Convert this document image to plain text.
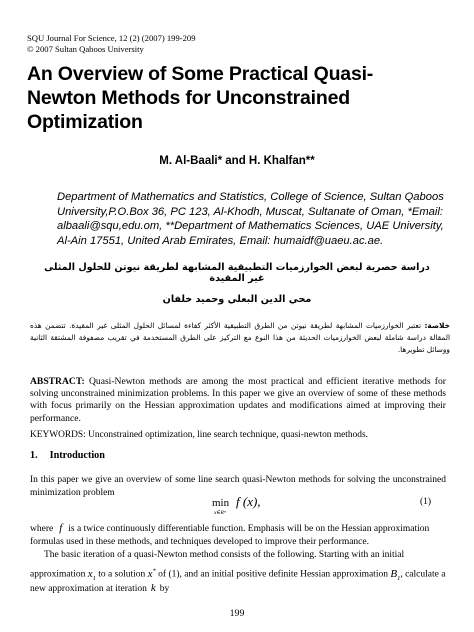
SQU Journal For Science, 12 (2) (2007) 199-209
© 2007 Sultan Qaboos University
An Overview of Some Practical Quasi-
Newton Methods for Unconstrained
Optimization
M. Al-Baali* and H. Khalfan**
Department of Mathematics and Statistics, College of Science, Sultan Qaboos University,P.O.Box 36, PC 123, Al-Khodh, Muscat, Sultanate of Oman, *Email: albaali@squ,edu.om, **Department of Mathematics Sciences, UAE University, Al-Ain 17551, United Arab Emirates, Email: humaidf@uaeu.ac.ae.
دراسة حصرية لبعض الخوارزميات التطبيقية المشابهة لطريقة نيوتن للحلول المثلى غير المقيدة
محي الدين البعلي وحميد خلفان
خلاصة: تعتبر الخوارزميات المشابهة لطريقة نيوتن من الطرق التطبيقية الأكثر كفاءة لمسائل الحلول المثلى غير المقيدة. تتضمن هذه المقالة دراسة شاملة لبعض الخوارزميات الحديثة من هذا النوع مع التركيز على الطرق المستخدمة في تقريب مصفوفة المشتقة الثانية ووسائل تطويرها.
ABSTRACT: Quasi-Newton methods are among the most practical and efficient iterative methods for solving unconstrained minimization problems. In this paper we give an overview of some of these methods with focus primarily on the Hessian approximation updates and modifications aimed at improving their performance.
KEYWORDS: Unconstrained optimization, line search technique, quasi-newton methods.
1. Introduction
In this paper we give an overview of some line search quasi-Newton methods for solving the unconstrained minimization problem
min
x∈Rⁿ
f (x),	(1)
where f is a twice continuously differentiable function. Emphasis will be on the Hessian approximation
formulas used in these methods, and techniques developed to improve their performance.
The basic iteration of a quasi-Newton method consists of the following. Starting with an initial
approximation $x_1$ to a solution x* of (1), and an initial positive definite Hessian approximation $B_1$, calculate a
new approximation at iteration k by
199
